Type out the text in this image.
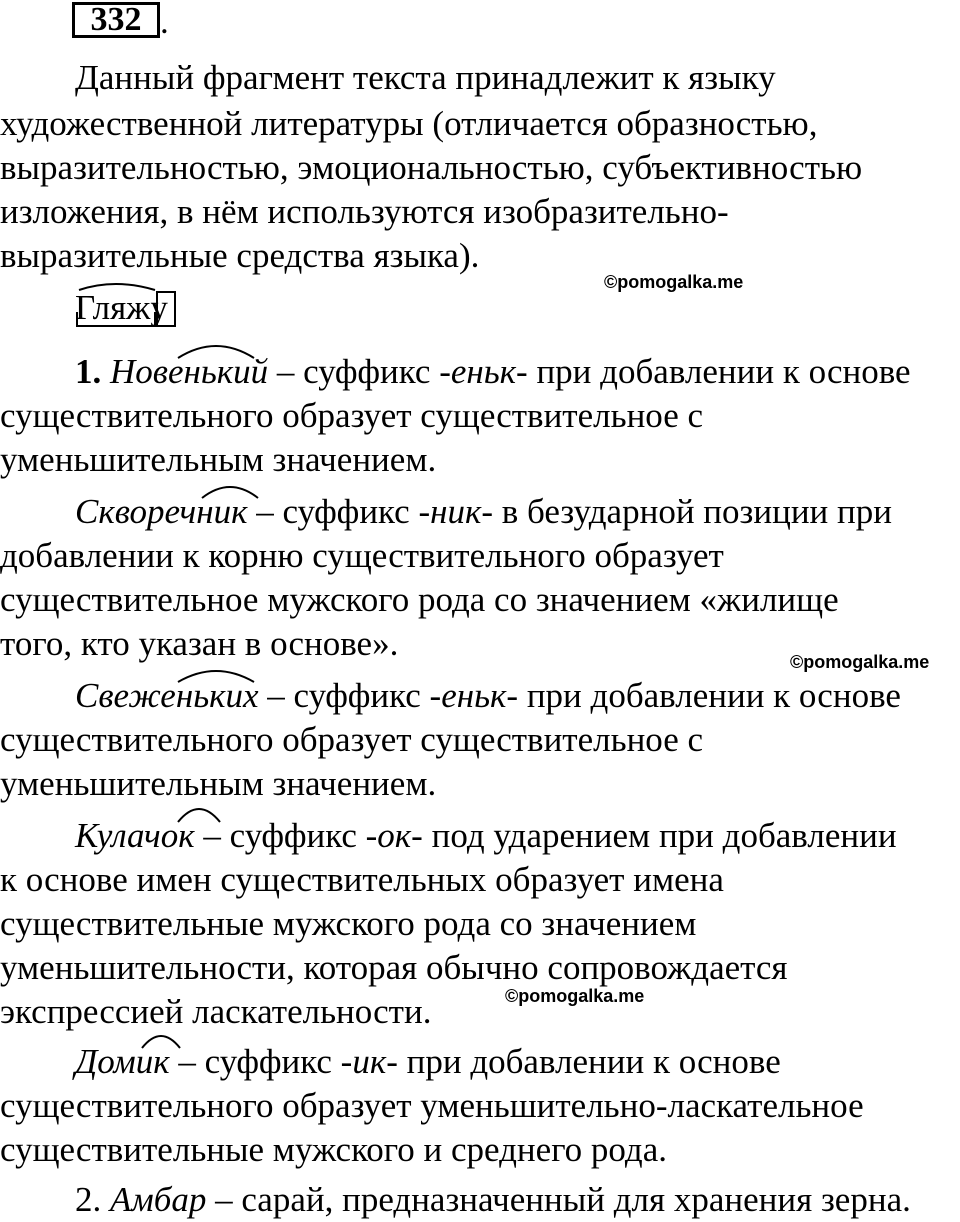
332 .
Данный фрагмент текста принадлежит к языку
художественной литературы (отличается образностью,
выразительностью, эмоциональностью, субъективностью
изложения, в нём используются изобразительно-
выразительные средства языка).
©pomogalka.me
Гляжу
1. Новенький – суффикс -еньк- при добавлении к основе
существительного образует существительное с
уменьшительным значением.
Скворечник – суффикс -ник- в безударной позиции при
добавлении к корню существительного образует
существительное мужского рода со значением «жилище
того, кто указан в основе».	©pomogalka.me
Свеженьких – суффикс -еньк- при добавлении к основе
существительного образует существительное с
уменьшительным значением.
Кулачок – суффикс -ок- под ударением при добавлении
к основе имен существительных образует имена
существительные мужского рода со значением
уменьшительности, которая обычно сопровождается
экспрессией ласкательности.	©pomogalka.me
Домик – суффикс -ик- при добавлении к основе
существительного образует уменьшительно-ласкательное
существительные мужского и среднего рода.
2. Амбар – сарай, предназначенный для хранения зерна.
